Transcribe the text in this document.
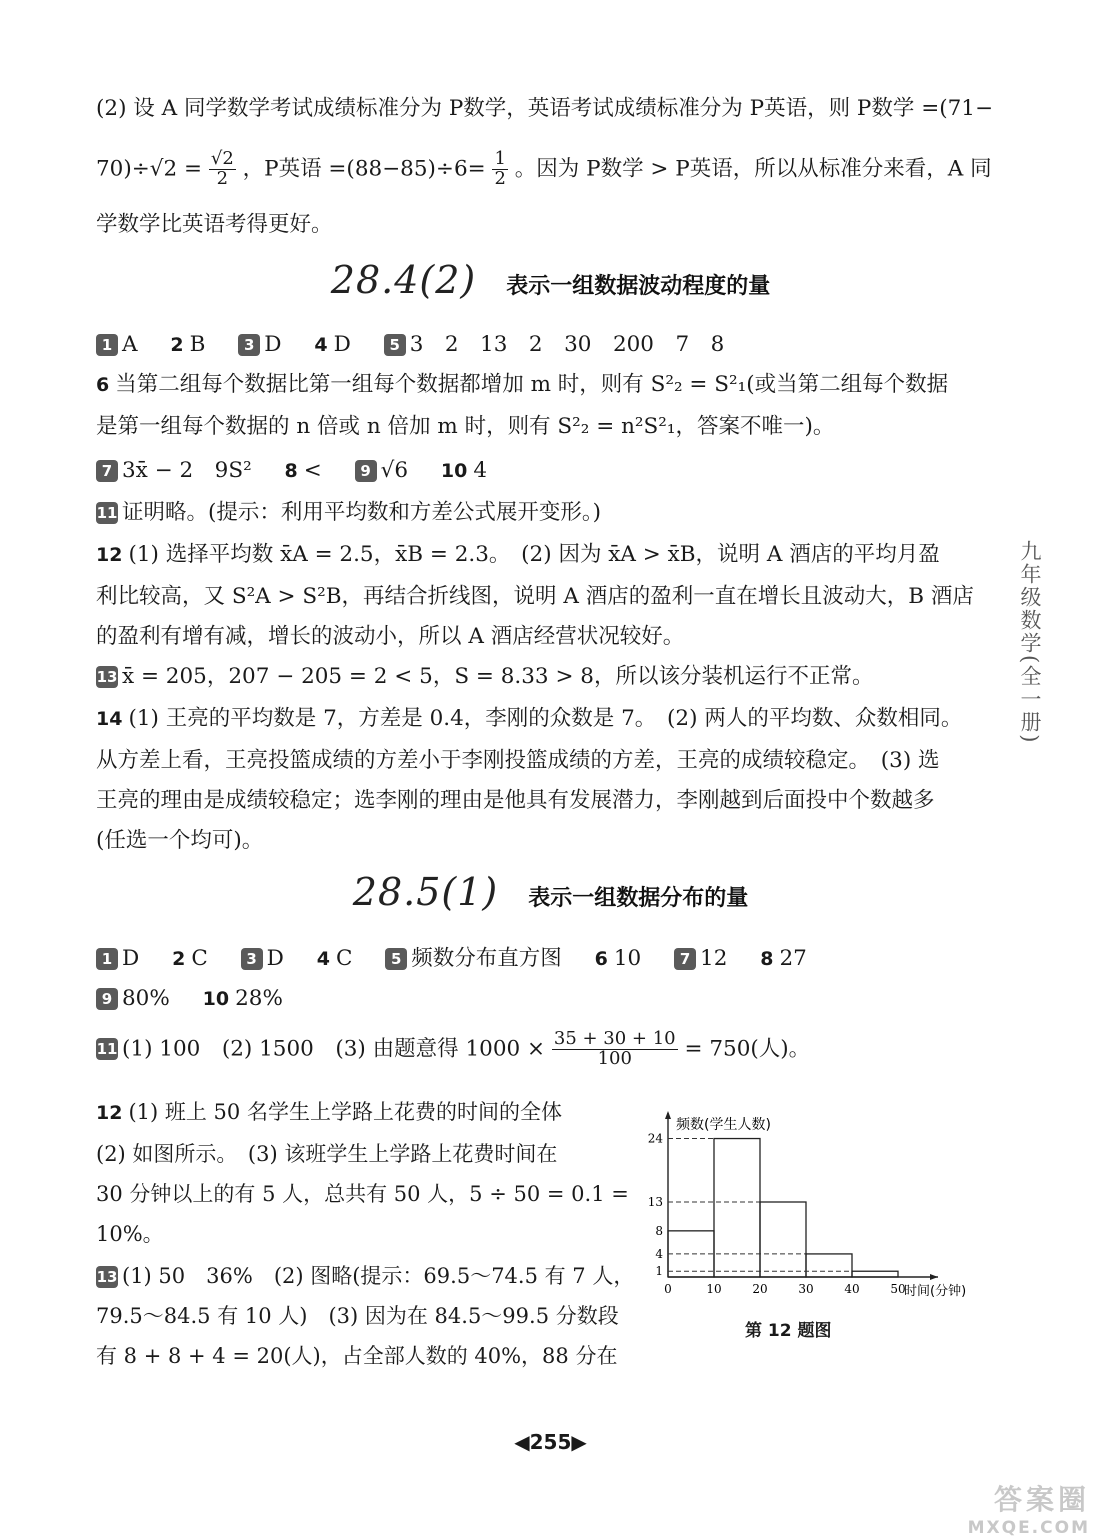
(2) 设 A 同学数学考试成绩标准分为 P数学，英语考试成绩标准分为 P英语，则 P数学 =(71−
$70)\div√2 = \frac{√2}{2}$ ，P英语 $=(88-85)\div 6= \frac{1}{2}$ 。因为 P数学 > P英语，所以从标准分来看，A 同
学数学比英语考得更好。
28.4(2) 表示一组数据波动程度的量
1 A 2 B	3 D 4 D	5 3　2　13　2　30　200　7　8
6 当第二组每个数据比第一组每个数据都增加 m 时，则有 S²₂ = S²₁(或当第二组每个数据
是第一组每个数据的 n 倍或 n 倍加 m 时，则有 S²₂ = n²S²₁，答案不唯一)。
7 3x̄ − 2　9S² 8 <	9 √6 10 4
11 证明略。(提示：利用平均数和方差公式展开变形。)
12 (1) 选择平均数 x̄A = 2.5，x̄B = 2.3。　(2) 因为 x̄A > x̄B，说明 A 酒店的平均月盈
利比较高，又 S²A > S²B，再结合折线图，说明 A 酒店的盈利一直在增长且波动大，B 酒店
的盈利有增有减，增长的波动小，所以 A 酒店经营状况较好。
13 x̄ = 205，207 − 205 = 2 < 5，S = 8.33 > 8，所以该分装机运行不正常。
14 (1) 王亮的平均数是 7，方差是 0.4，李刚的众数是 7。　(2) 两人的平均数、众数相同。
从方差上看，王亮投篮成绩的方差小于李刚投篮成绩的方差，王亮的成绩较稳定。　(3) 选
王亮的理由是成绩较稳定；选李刚的理由是他具有发展潜力，李刚越到后面投中个数越多
(任选一个均可)。
28.5(1) 表示一组数据分布的量
1 D 2 C	3 D 4 C	5 频数分布直方图 6 10	7 12 8 27
9 80% 10 28%
11 (1) 100　(2) 1500　(3) 由题意得 $1000 \times \frac{35 + 30 + 10}{100} = 750$(人)。
12 (1) 班上 50 名学生上学路上花费的时间的全体
(2) 如图所示。　(3) 该班学生上学路上花费时间在
30 分钟以上的有 5 人，总共有 50 人，5 ÷ 50 = 0.1 =
10%。
13 (1) 50　36%　(2) 图略(提示：69.5～74.5 有 7 人，
79.5～84.5 有 10 人)　(3) 因为在 84.5～99.5 分数段
有 8 + 8 + 4 = 20(人)，占全部人数的 40%，88 分在
1
4
8
13
24
0	10	20	30	40	50
频数(学生人数)
时间(分钟)
第 12 题图
九年级数学(全一册)
◀255▶
答案圈
MXQE.COM
